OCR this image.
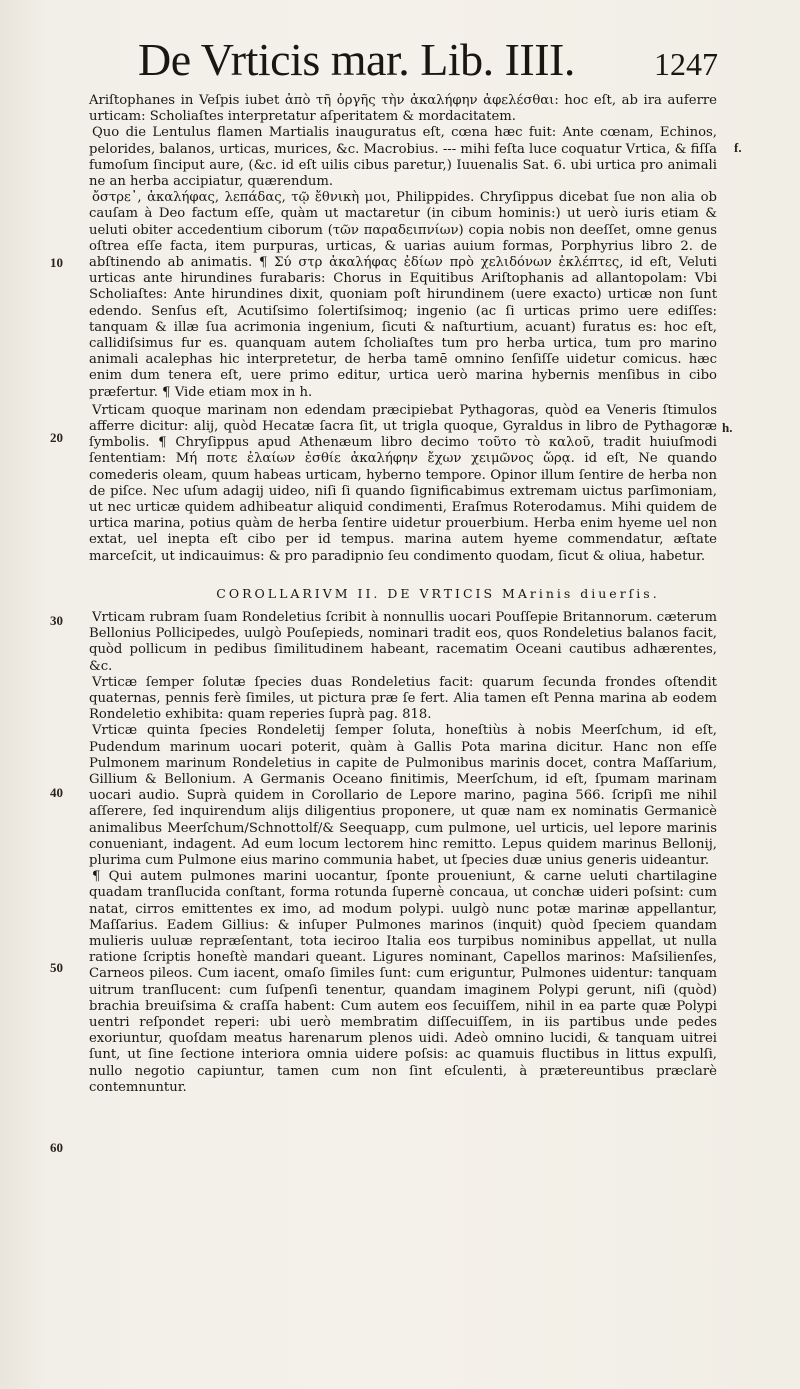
De Vrticis mar. Lib. IIII. 1247
10
20
30
40
50
60
f.
h.

Ariſtophanes in Veſpis iubet ἀπὸ τῆ ὀργῆς τὴν ἀκαλήφην ἀφελέσθαι: hoc eſt, ab ira auferre urticam: Scholiaſtes interpretatur aſperitatem & mordacitatem.

Quo die Lentulus flamen Martialis inauguratus eſt, cœna hæc fuit: Ante cœnam, Echinos, pelorides, balanos, urticas, murices, &c. Macrobius. --- mihi feſta luce coquatur Vrtica, & fiſſa fumoſum ſinciput aure, (&c. id eſt uilis cibus paretur,) Iuuenalis Sat. 6. ubi urtica pro animali ne an herba accipiatur, quærendum.

ὄστρε᾽, ἀκαλήφας, λεπάδας, τῷ ἔθνικὴ μοι, Philippides. Chryſippus dicebat ſue non alia ob cauſam à Deo factum eſſe, quàm ut mactaretur (in cibum hominis:) ut uerò iuris etiam & ueluti obiter accedentium ciborum (τῶν παραδειπνίων) copia nobis non deeſſet, omne genus oſtrea eſſe facta, item purpuras, urticas, & uarias auium formas, Porphyrius libro 2. de abſtinendo ab animatis. ¶ Σύ στρ ἀκαλήφας ἐδίων πρὸ χελιδόνων ἐκλέπτες, id eſt, Veluti urticas ante hirundines furabaris: Chorus in Equitibus Ariſtophanis ad allantopolam: Vbi Scholiaſtes: Ante hirundines dixit, quoniam poſt hirundinem (uere exacto) urticæ non ſunt edendo. Senſus eſt, Acutiſsimo ſolertiſsimoq; ingenio (ac ſi urticas primo uere ediſſes: tanquam & illæ ſua acrimonia ingenium, ſicuti & naſturtium, acuant) furatus es: hoc eſt, callidiſsimus fur es. quanquam autem ſcholiaſtes tum pro herba urtica, tum pro marino animali acalephas hic interpretetur, de herba tamē omnino ſenſiſſe uidetur comicus. hæc enim dum tenera eſt, uere primo editur, urtica uerò marina hybernis menſibus in cibo præfertur. ¶ Vide etiam mox in h.

Vrticam quoque marinam non edendam præcipiebat Pythagoras, quòd ea Veneris ſtimulos afferre dicitur: alij, quòd Hecatæ ſacra ſit, ut trigla quoque, Gyraldus in libro de Pythagoræ ſymbolis. ¶ Chryſippus apud Athenæum libro decimo τοῦτο τὸ καλοῦ, tradit huiuſmodi ſententiam: Μή ποτε ἐλαίων ἐσθίε ἀκαλήφην ἔχων χειμῶνος ὥρᾳ. id eſt, Ne quando comederis oleam, quum habeas urticam, hyberno tempore. Opinor illum ſentire de herba non de piſce. Nec uſum adagij uideo, niſi ſi quando ſignificabimus extremam uictus parſimoniam, ut nec urticæ quidem adhibeatur aliquid condimenti, Eraſmus Roterodamus. Mihi quidem de urtica marina, potius quàm de herba ſentire uidetur prouerbium. Herba enim hyeme uel non extat, uel inepta eſt cibo per id tempus. marina autem hyeme commendatur, æſtate marceſcit, ut indicauimus: & pro paradipnio ſeu condimento quodam, ſicut & oliua, habetur.

COROLLARIVM II. DE VRTICIS MArinis diuerſis.

Vrticam rubram ſuam Rondeletius ſcribit à nonnullis uocari Pouſſepie Britannorum. cæterum Bellonius Pollicipedes, uulgò Pouſepieds, nominari tradit eos, quos Rondeletius balanos facit, quòd pollicum in pedibus ſimilitudinem habeant, racematim Oceani cautibus adhærentes, &c.

Vrticæ ſemper ſolutæ ſpecies duas Rondeletius facit: quarum ſecunda frondes oſtendit quaternas, pennis ferè ſimiles, ut pictura præ ſe fert. Alia tamen eſt Penna marina ab eodem Rondeletio exhibita: quam reperies ſuprà pag. 818.

Vrticæ quinta ſpecies Rondeletij ſemper ſoluta, honeſtiùs à nobis Meerſchum, id eſt, Pudendum marinum uocari poterit, quàm à Gallis Pota marina dicitur. Hanc non eſſe Pulmonem marinum Rondeletius in capite de Pulmonibus marinis docet, contra Maſſarium, Gillium & Bellonium. A Germanis Oceano finitimis, Meerſchum, id eſt, ſpumam marinam uocari audio. Suprà quidem in Corollario de Lepore marino, pagina 566. ſcripſi me nihil aſſerere, ſed inquirendum alijs diligentius proponere, ut quæ nam ex nominatis Germanicè animalibus Meerſchum/Schnottolf/& Seequapp, cum pulmone, uel urticis, uel lepore marinis conueniant, indagent. Ad eum locum lectorem hinc remitto. Lepus quidem marinus Bellonij, plurima cum Pulmone eius marino communia habet, ut ſpecies duæ unius generis uideantur.

¶ Qui autem pulmones marini uocantur, ſponte proueniunt, & carne ueluti chartilagine quadam tranſlucida conſtant, forma rotunda ſupernè concaua, ut conchæ uideri poſsint: cum natat, cirros emittentes ex imo, ad modum polypi. uulgò nunc potæ marinæ appellantur, Maſſarius. Eadem Gillius: & inſuper Pulmones marinos (inquit) quòd ſpeciem quandam mulieris uuluæ repræſentant, tota ieciroo Italia eos turpibus nominibus appellat, ut nulla ratione ſcriptis honeſtè mandari queant. Ligures nominant, Capellos marinos: Maſsilienſes, Carneos pileos. Cum iacent, omaſo ſimiles ſunt: cum eriguntur, Pulmones uidentur: tanquam uitrum tranſlucent: cum ſuſpenſi tenentur, quandam imaginem Polypi gerunt, niſi (quòd) brachia breuiſsima & craſſa habent: Cum autem eos ſecuiſſem, nihil in ea parte quæ Polypi uentri reſpondet reperi: ubi uerò membratim diſſecuiſſem, in iis partibus unde pedes exoriuntur, quoſdam meatus harenarum plenos uidi. Adeò omnino lucidi, & tanquam uitrei ſunt, ut ſine ſectione interiora omnia uidere poſsis: ac quamuis fluctibus in littus expulſi, nullo negotio capiuntur, tamen cum non ſint eſculenti, à prætereuntibus præclarè contemnuntur.
